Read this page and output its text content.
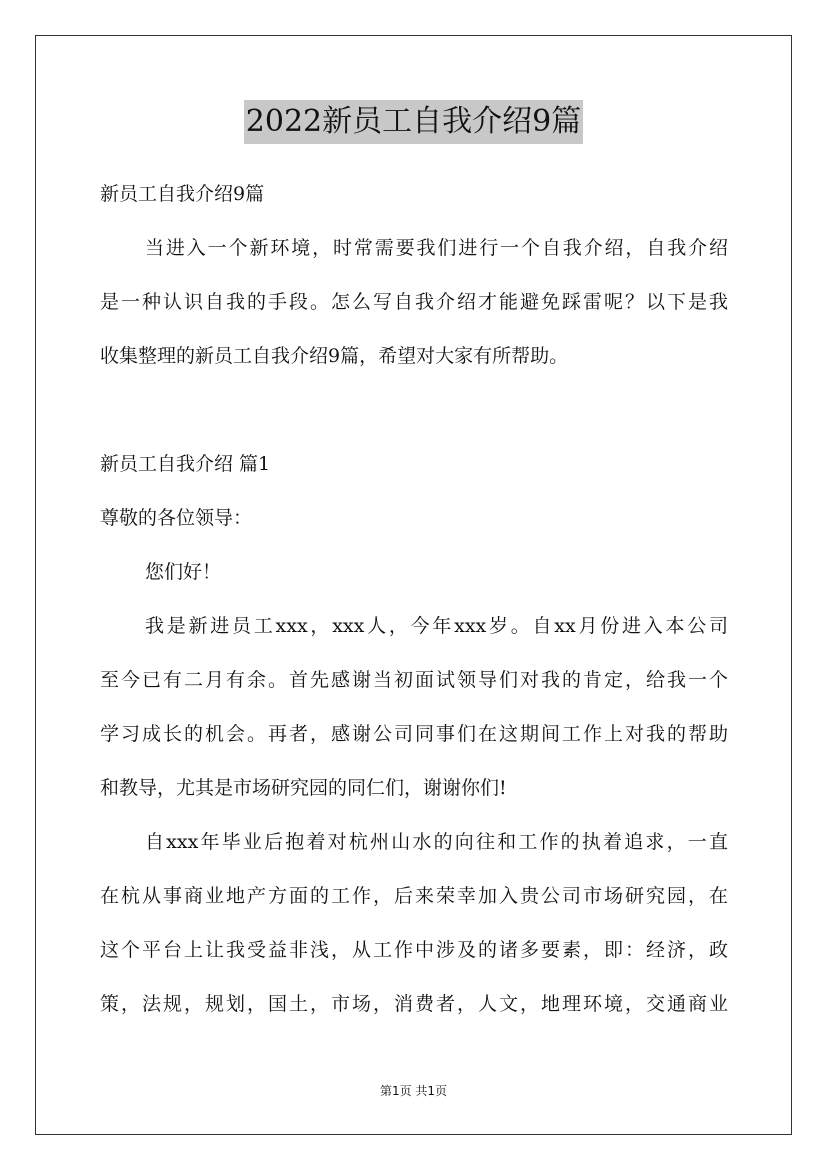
2022新员工自我介绍9篇
新员工自我介绍9篇
当进入一个新环境，时常需要我们进行一个自我介绍，自我介绍
是一种认识自我的手段。怎么写自我介绍才能避免踩雷呢？以下是我
收集整理的新员工自我介绍9篇，希望对大家有所帮助。
新员工自我介绍 篇1
尊敬的各位领导：
您们好！
我是新进员工xxx，xxx人，今年xxx岁。自xx月份进入本公司
至今已有二月有余。首先感谢当初面试领导们对我的肯定，给我一个
学习成长的机会。再者，感谢公司同事们在这期间工作上对我的帮助
和教导，尤其是市场研究园的同仁们，谢谢你们!
自xxx年毕业后抱着对杭州山水的向往和工作的执着追求，一直
在杭从事商业地产方面的工作，后来荣幸加入贵公司市场研究园，在
这个平台上让我受益非浅，从工作中涉及的诸多要素，即：经济，政
策，法规，规划，国土，市场，消费者，人文，地理环境，交通商业
第1页 共1页
